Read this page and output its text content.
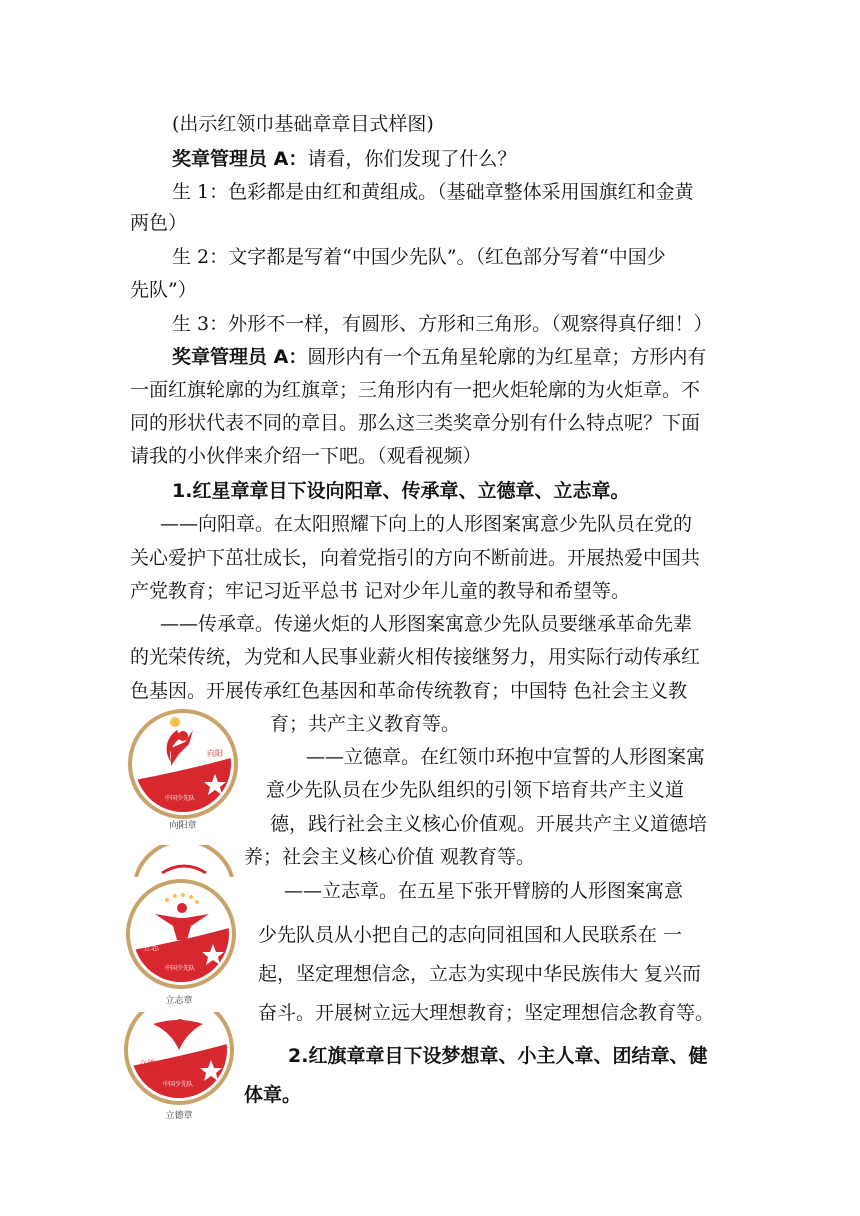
(出示红领巾基础章章目式样图)
奖章管理员 A：请看，你们发现了什么？
生 1：色彩都是由红和黄组成。（基础章整体采用国旗红和金黄
两色）
生 2：文字都是写着“中国少先队”。（红色部分写着“中国少
先队”）
生 3：外形不一样，有圆形、方形和三角形。（观察得真仔细！）
奖章管理员 A：圆形内有一个五角星轮廓的为红星章；方形内有
一面红旗轮廓的为红旗章；三角形内有一把火炬轮廓的为火炬章。不
同的形状代表不同的章目。那么这三类奖章分别有什么特点呢？下面
请我的小伙伴来介绍一下吧。（观看视频）
1.红星章章目下设向阳章、传承章、立德章、立志章。
——向阳章。在太阳照耀下向上的人形图案寓意少先队员在党的
关心爱护下茁壮成长，向着党指引的方向不断前进。开展热爱中国共
产党教育；牢记习近平总书 记对少年儿童的教导和希望等。
——传承章。传递火炬的人形图案寓意少先队员要继承革命先辈
的光荣传统，为党和人民事业薪火相传接继努力，用实际行动传承红
色基因。开展传承红色基因和革命传统教育；中国特 色社会主义教
育；共产主义教育等。
——立德章。在红领巾环抱中宣誓的人形图案寓
意少先队员在少先队组织的引领下培育共产主义道
德，践行社会主义核心价值观。开展共产主义道德培
养；社会主义核心价值 观教育等。
——立志章。在五星下张开臂膀的人形图案寓意
少先队员从小把自己的志向同祖国和人民联系在 一
起，坚定理想信念，立志为实现中华民族伟大 复兴而
奋斗。开展树立远大理想教育；坚定理想信念教育等。
2.红旗章章目下设梦想章、小主人章、团结章、健
体章。
向阳
中国少先队
向阳章
立志
中国少先队
立志章
立德
中国少先队
立德章
